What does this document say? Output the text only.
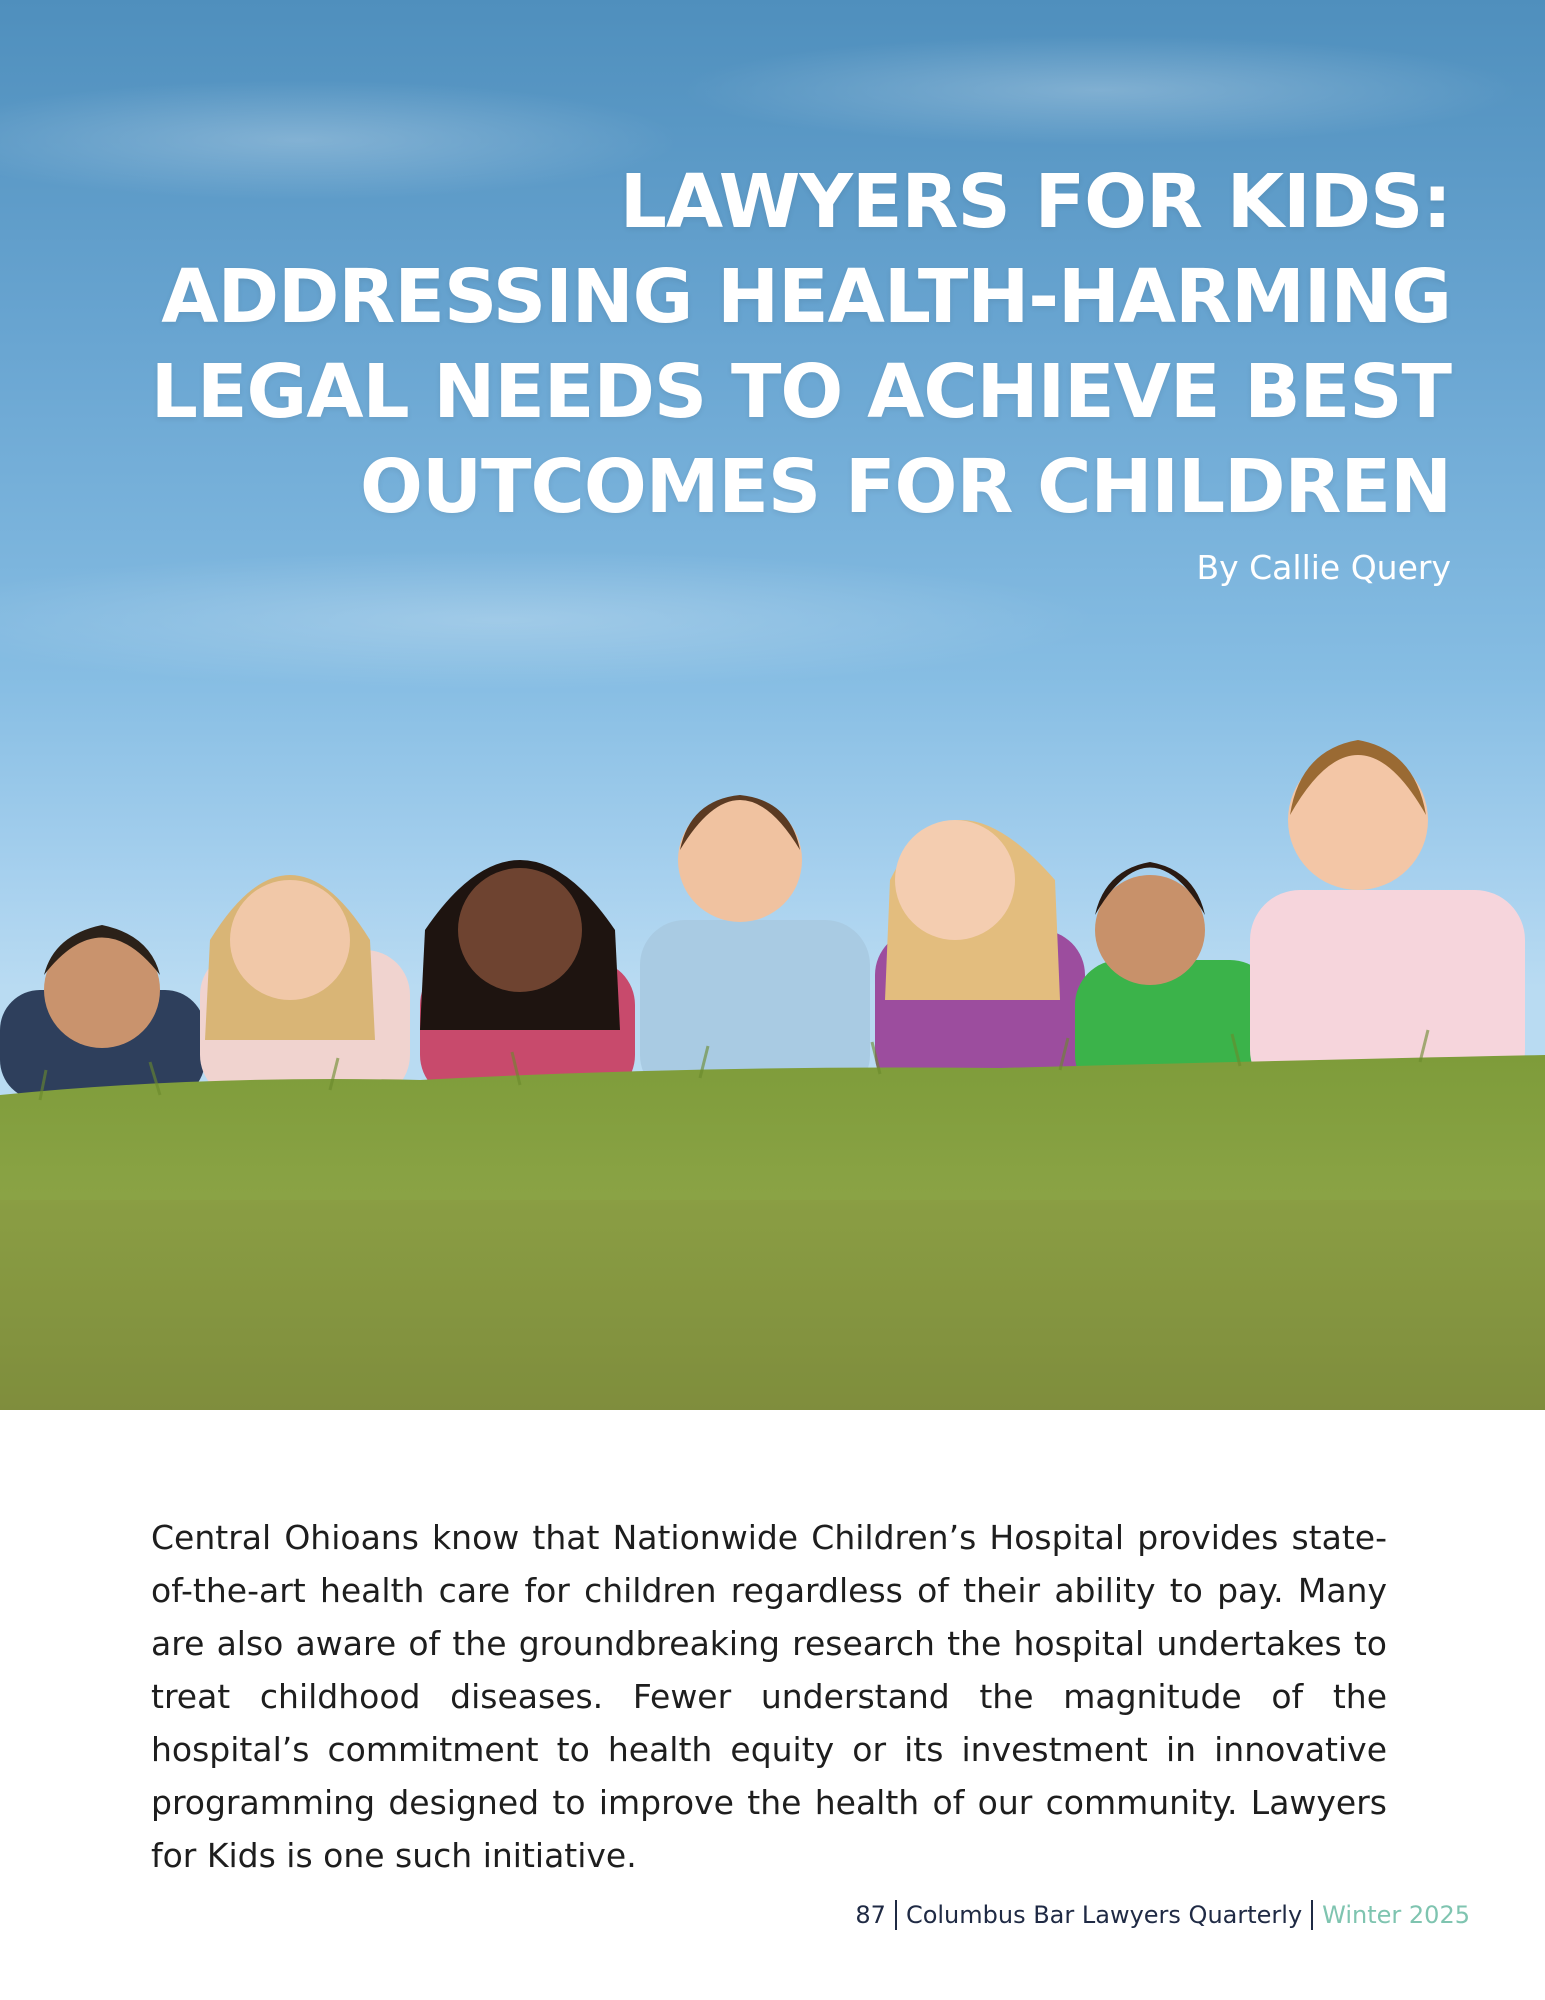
LAWYERS FOR KIDS:
ADDRESSING HEALTH-HARMING
LEGAL NEEDS TO ACHIEVE BEST
OUTCOMES FOR CHILDREN
By Callie Query

Central Ohioans know that Nationwide Children’s Hospital provides state-of-the-art health care for children regardless of their ability to pay. Many are also aware of the groundbreaking research the hospital undertakes to treat childhood diseases. Fewer understand the magnitude of the hospital’s commitment to health equity or its investment in innovative programming designed to improve the health of our community. Lawyers for Kids is one such initiative.

87 Columbus Bar Lawyers Quarterly Winter 2025
